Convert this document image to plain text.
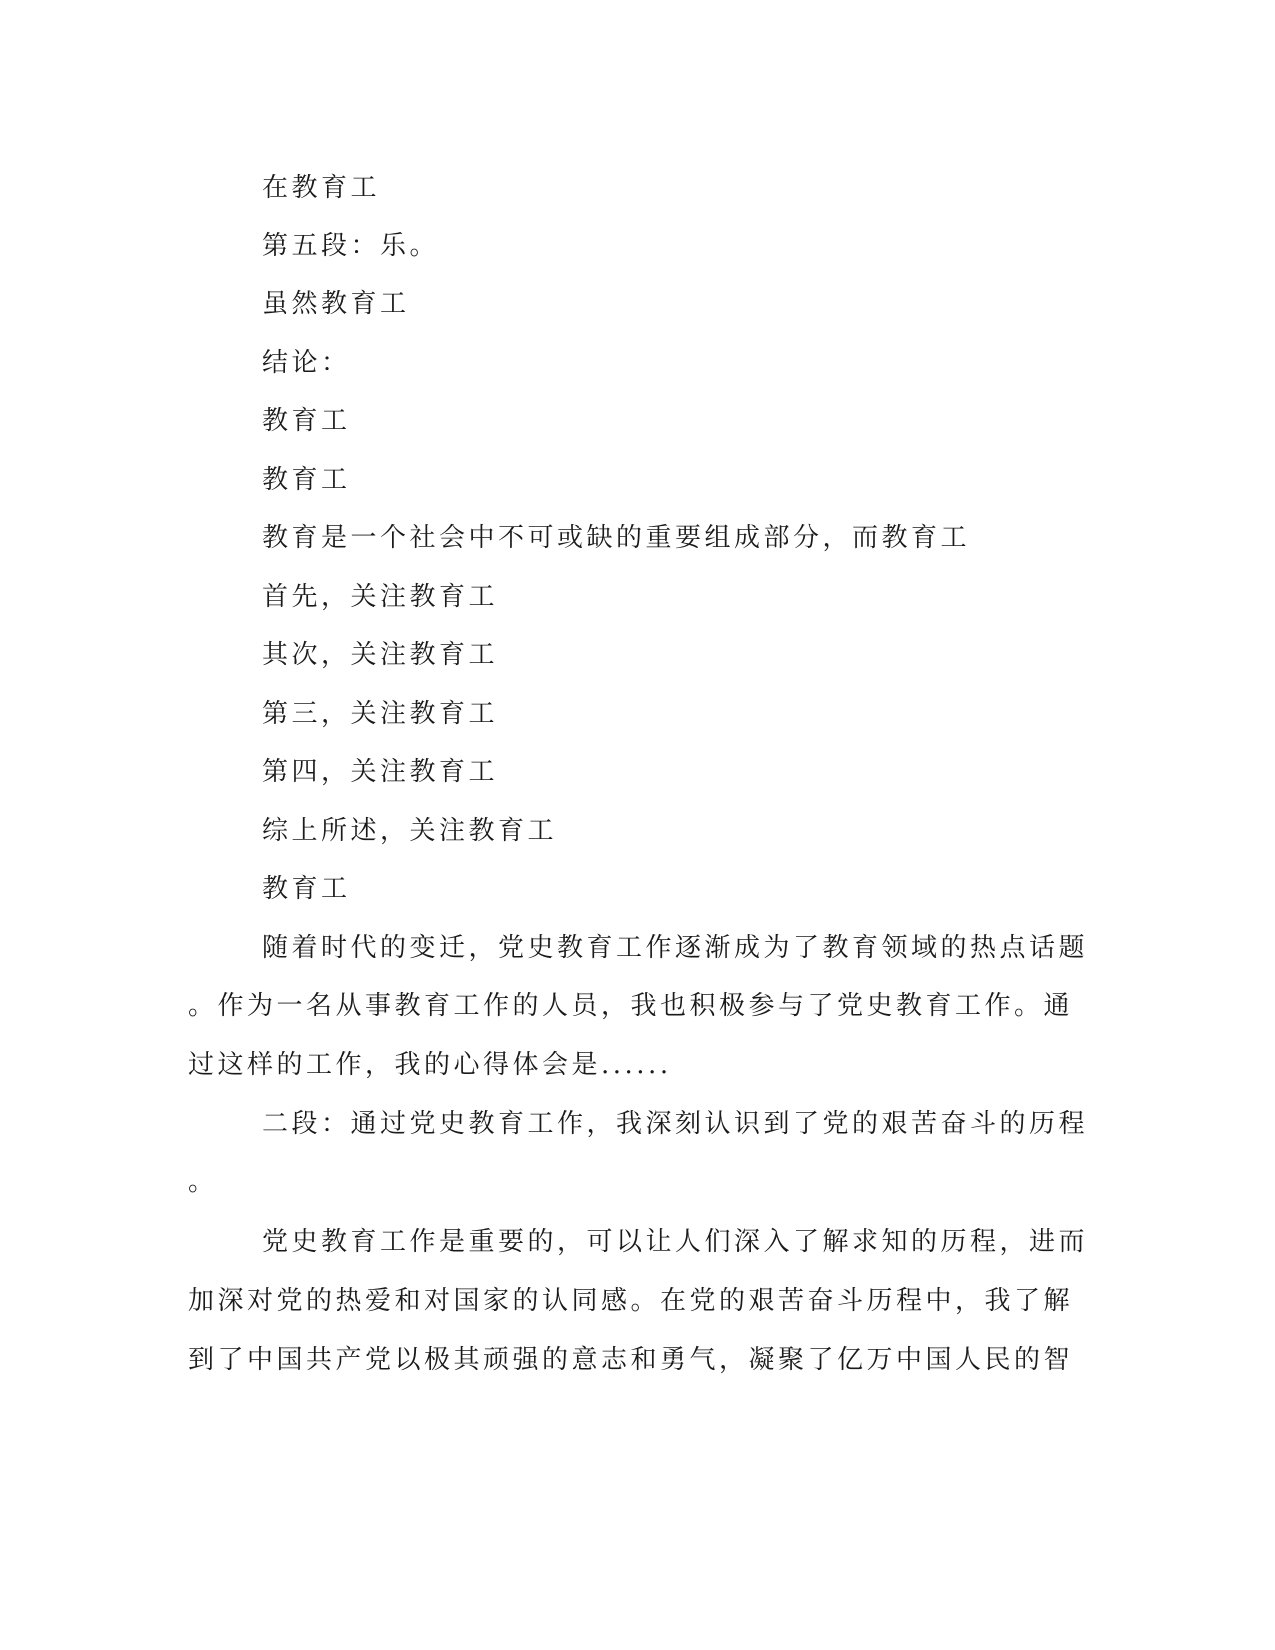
在教育工
第五段：乐。
虽然教育工
结论：
教育工
教育工
教育是一个社会中不可或缺的重要组成部分，而教育工
首先，关注教育工
其次，关注教育工
第三，关注教育工
第四，关注教育工
综上所述，关注教育工
教育工
随着时代的变迁，党史教育工作逐渐成为了教育领域的热点话题
。作为一名从事教育工作的人员，我也积极参与了党史教育工作。通
过这样的工作，我的心得体会是......
二段：通过党史教育工作，我深刻认识到了党的艰苦奋斗的历程
。
党史教育工作是重要的，可以让人们深入了解求知的历程，进而
加深对党的热爱和对国家的认同感。在党的艰苦奋斗历程中，我了解
到了中国共产党以极其顽强的意志和勇气，凝聚了亿万中国人民的智
